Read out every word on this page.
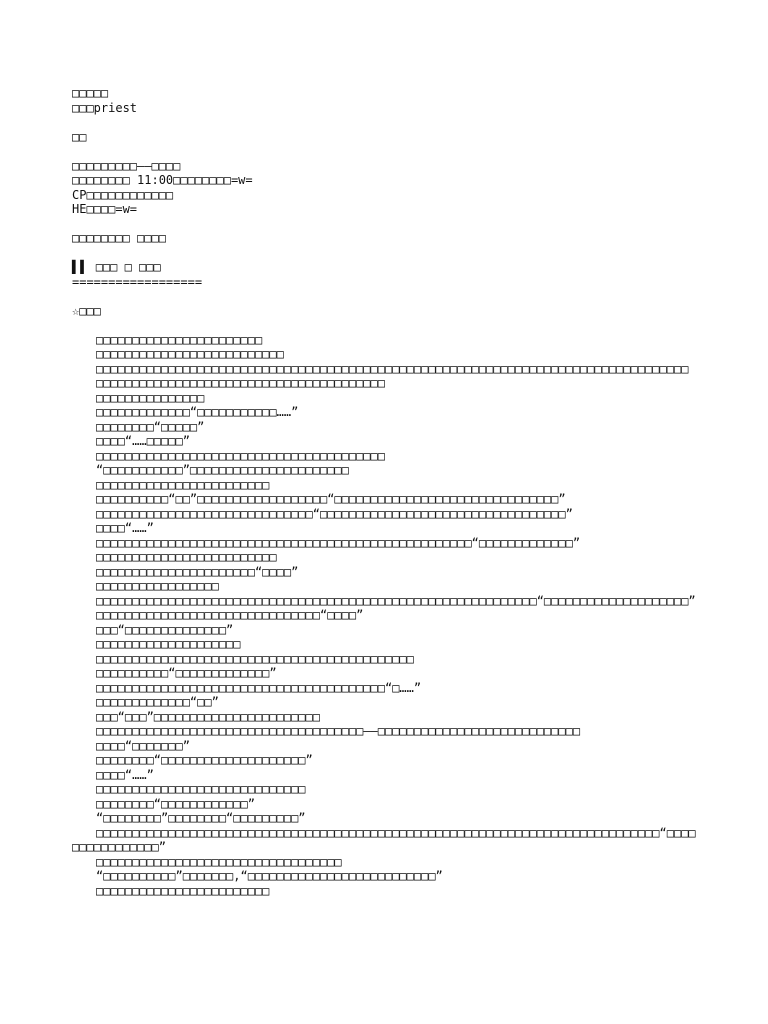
□□□□□
□□□priest
□□
□□□□□□□□□——□□□□
□□□□□□□□ 11:00□□□□□□□□=w=
CP□□□□□□□□□□□□
HE□□□□=w=
□□□□□□□□ □□□□
▌▌ □□□ □ □□□
==================
☆□□□
□□□□□□□□□□□□□□□□□□□□□□□
□□□□□□□□□□□□□□□□□□□□□□□□□□
□□□□□□□□□□□□□□□□□□□□□□□□□□□□□□□□□□□□□□□□□□□□□□□□□□□□□□□□□□□□□□□□□□□□□□□□□□□□□□□□□□
□□□□□□□□□□□□□□□□□□□□□□□□□□□□□□□□□□□□□□□□
□□□□□□□□□□□□□□□
□□□□□□□□□□□□□“□□□□□□□□□□□……”
□□□□□□□□“□□□□□”
□□□□“……□□□□□”
□□□□□□□□□□□□□□□□□□□□□□□□□□□□□□□□□□□□□□□□
“□□□□□□□□□□□”□□□□□□□□□□□□□□□□□□□□□□
□□□□□□□□□□□□□□□□□□□□□□□□
□□□□□□□□□□“□□”□□□□□□□□□□□□□□□□□□“□□□□□□□□□□□□□□□□□□□□□□□□□□□□□□□”
□□□□□□□□□□□□□□□□□□□□□□□□□□□□□□“□□□□□□□□□□□□□□□□□□□□□□□□□□□□□□□□□□”
□□□□“……”
□□□□□□□□□□□□□□□□□□□□□□□□□□□□□□□□□□□□□□□□□□□□□□□□□□□□“□□□□□□□□□□□□□”
□□□□□□□□□□□□□□□□□□□□□□□□□
□□□□□□□□□□□□□□□□□□□□□□“□□□□”
□□□□□□□□□□□□□□□□□
□□□□□□□□□□□□□□□□□□□□□□□□□□□□□□□□□□□□□□□□□□□□□□□□□□□□□□□□□□□□□“□□□□□□□□□□□□□□□□□□□□”
□□□□□□□□□□□□□□□□□□□□□□□□□□□□□□□“□□□□”
□□□“□□□□□□□□□□□□□□”
□□□□□□□□□□□□□□□□□□□□
□□□□□□□□□□□□□□□□□□□□□□□□□□□□□□□□□□□□□□□□□□□□
□□□□□□□□□□“□□□□□□□□□□□□□”
□□□□□□□□□□□□□□□□□□□□□□□□□□□□□□□□□□□□□□□□“□……”
□□□□□□□□□□□□□“□□”
□□□“□□□”□□□□□□□□□□□□□□□□□□□□□□□
□□□□□□□□□□□□□□□□□□□□□□□□□□□□□□□□□□□□□——□□□□□□□□□□□□□□□□□□□□□□□□□□□□
□□□□“□□□□□□□”
□□□□□□□□“□□□□□□□□□□□□□□□□□□□□”
□□□□“……”
□□□□□□□□□□□□□□□□□□□□□□□□□□□□□
□□□□□□□□“□□□□□□□□□□□□”
“□□□□□□□□”□□□□□□□□“□□□□□□□□□”
□□□□□□□□□□□□□□□□□□□□□□□□□□□□□□□□□□□□□□□□□□□□□□□□□□□□□□□□□□□□□□□□□□□□□□□□□□□□□□“□□□□□□□□□□□□□□□□”
□□□□□□□□□□□□□□□□□□□□□□□□□□□□□□□□□□
“□□□□□□□□□□”□□□□□□□,“□□□□□□□□□□□□□□□□□□□□□□□□□□”
□□□□□□□□□□□□□□□□□□□□□□□□
